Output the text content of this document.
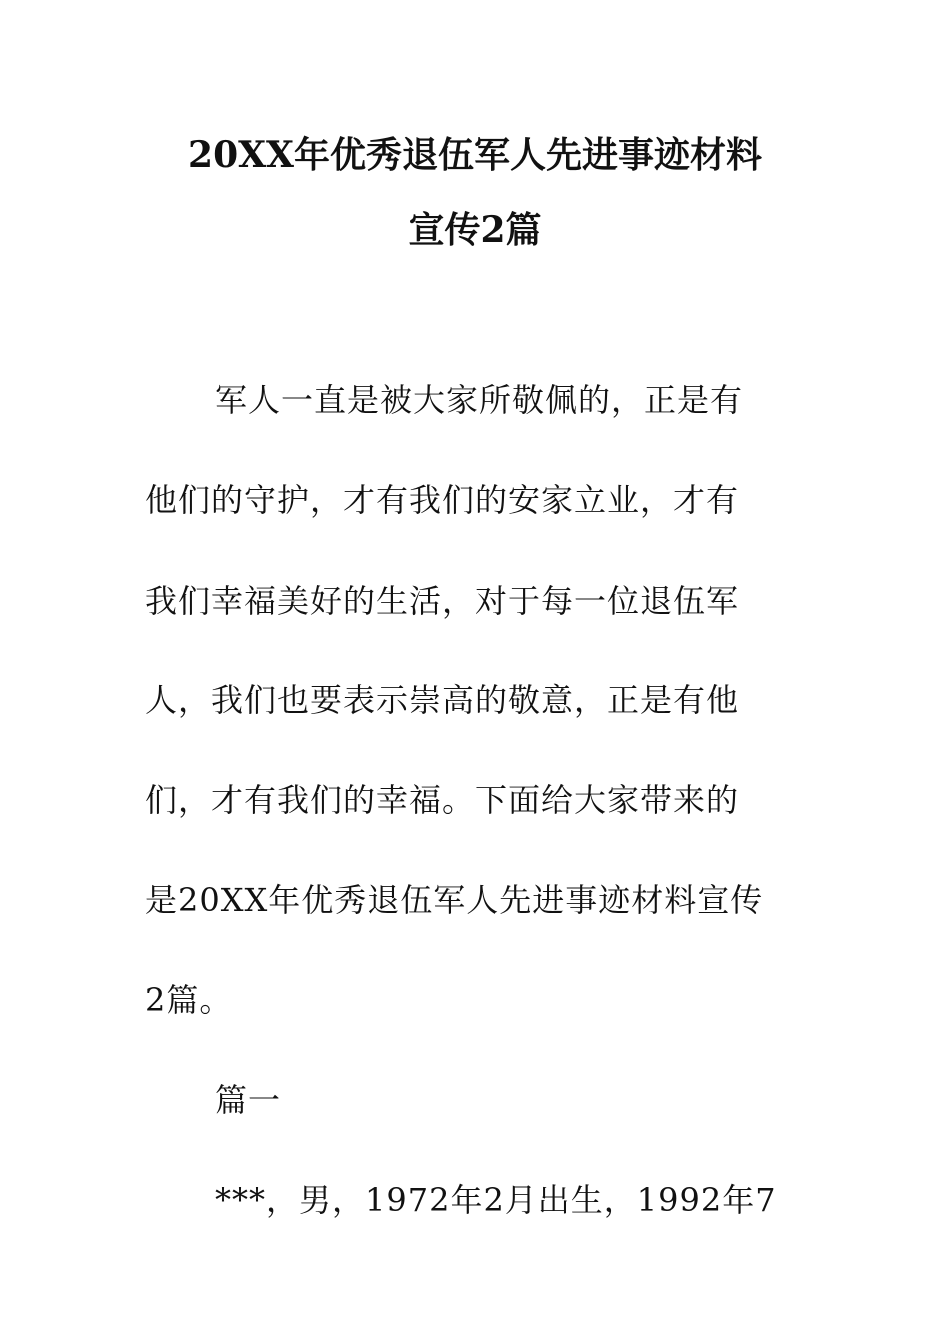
20XX年优秀退伍军人先进事迹材料
宣传2篇
军人一直是被大家所敬佩的，正是有
他们的守护，才有我们的安家立业，才有
我们幸福美好的生活，对于每一位退伍军
人，我们也要表示崇高的敬意，正是有他
们，才有我们的幸福。下面给大家带来的
是20XX年优秀退伍军人先进事迹材料宣传
2篇。
篇一
***，男，1972年2月出生，1992年7
